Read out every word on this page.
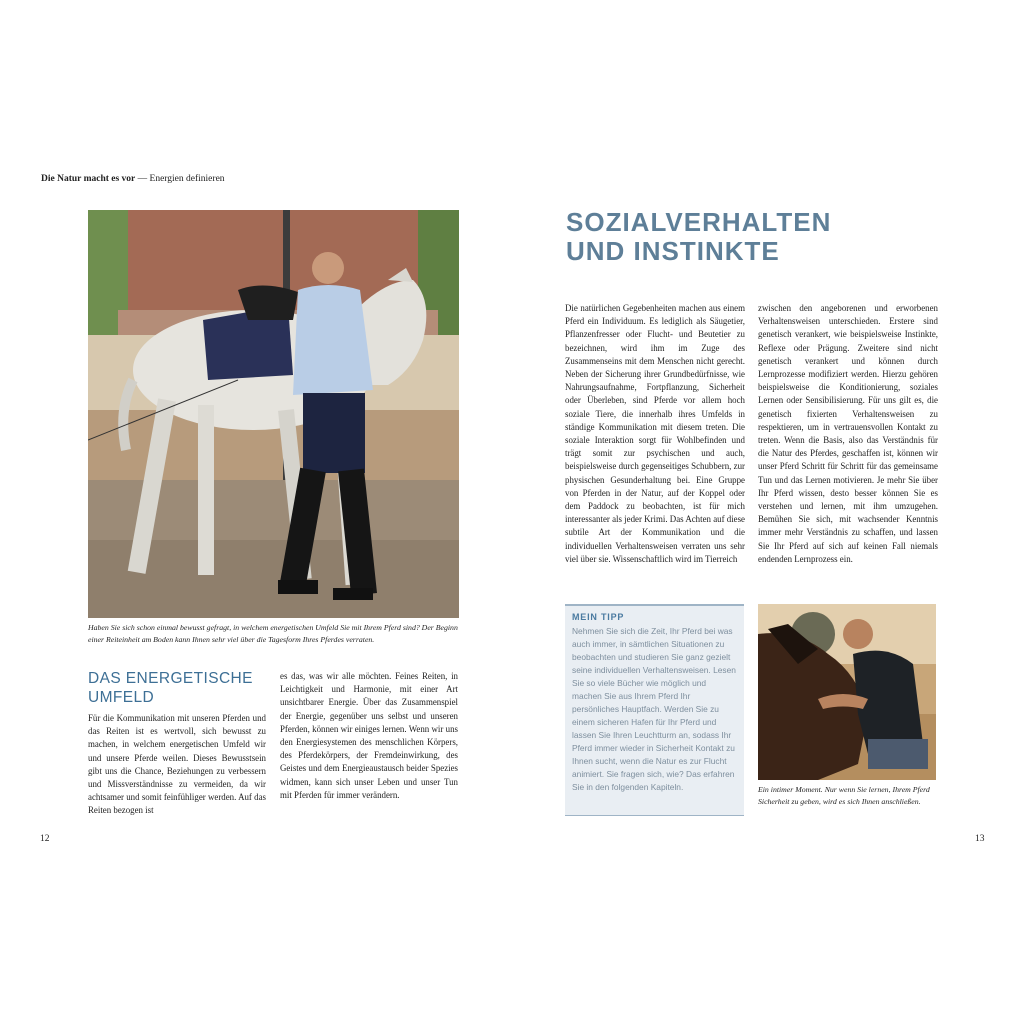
Die Natur macht es vor — Energien definieren
Haben Sie sich schon einmal bewusst gefragt, in welchem energetischen Umfeld Sie mit Ihrem Pferd sind? Der Beginn einer Reiteinheit am Boden kann Ihnen sehr viel über die Tagesform Ihres Pferdes verraten.
DAS ENERGETISCHE UMFELD
Für die Kommunikation mit unseren Pferden und das Reiten ist es wertvoll, sich bewusst zu machen, in welchem energetischen Umfeld wir und unsere Pferde weilen. Dieses Bewusstsein gibt uns die Chance, Beziehungen zu verbessern und Missverständnisse zu vermeiden, da wir achtsamer und somit feinfühliger werden. Auf das Reiten bezogen ist
es das, was wir alle möchten. Feines Reiten, in Leichtigkeit und Harmonie, mit einer Art unsichtbarer Energie. Über das Zusammenspiel der Energie, gegenüber uns selbst und unseren Pferden, können wir einiges lernen. Wenn wir uns den Energiesystemen des menschlichen Körpers, des Pferdekörpers, der Fremdeinwirkung, des Geistes und dem Energieaustausch beider Spezies widmen, kann sich unser Leben und unser Tun mit Pferden für immer verändern.
12
SOZIALVERHALTEN
UND INSTINKTE
Die natürlichen Gegebenheiten machen aus einem Pferd ein Individuum. Es lediglich als Säugetier, Pflanzenfresser oder Flucht- und Beutetier zu bezeichnen, wird ihm im Zuge des Zusammenseins mit dem Menschen nicht gerecht. Neben der Sicherung ihrer Grundbedürfnisse, wie Nahrungsaufnahme, Fortpflanzung, Sicherheit oder Überleben, sind Pferde vor allem hoch soziale Tiere, die innerhalb ihres Umfelds in ständige Kommunikation mit diesem treten. Die soziale Interaktion sorgt für Wohlbefinden und trägt somit zur psychischen und auch, beispielsweise durch gegenseitiges Schubbern, zur physischen Gesunderhaltung bei. Eine Gruppe von Pferden in der Natur, auf der Koppel oder dem Paddock zu beobachten, ist für mich interessanter als jeder Krimi. Das Achten auf diese subtile Art der Kommunikation und die individuellen Verhaltensweisen verraten uns sehr viel über sie. Wissenschaftlich wird im Tierreich
zwischen den angeborenen und erworbenen Verhaltensweisen unterschieden. Erstere sind genetisch verankert, wie beispielsweise Instinkte, Reflexe oder Prägung. Zweitere sind nicht genetisch verankert und können durch Lernprozesse modifiziert werden. Hierzu gehören beispielsweise die Konditionierung, soziales Lernen oder Sensibilisierung. Für uns gilt es, die genetisch fixierten Verhaltensweisen zu respektieren, um in vertrauensvollen Kontakt zu treten. Wenn die Basis, also das Verständnis für die Natur des Pferdes, geschaffen ist, können wir unser Pferd Schritt für Schritt für das gemeinsame Tun und das Lernen motivieren. Je mehr Sie über Ihr Pferd wissen, desto besser können Sie es verstehen und lernen, mit ihm umzugehen. Bemühen Sie sich, mit wachsender Kenntnis immer mehr Verständnis zu schaffen, und lassen Sie Ihr Pferd auf sich auf keinen Fall niemals endenden Lernprozess ein.
MEIN TIPP
Nehmen Sie sich die Zeit, Ihr Pferd bei was auch immer, in sämtlichen Situationen zu beobachten und studieren Sie ganz gezielt seine individuellen Verhaltensweisen. Lesen Sie so viele Bücher wie möglich und machen Sie aus Ihrem Pferd Ihr persönliches Hauptfach. Werden Sie zu einem sicheren Hafen für Ihr Pferd und lassen Sie Ihren Leuchtturm an, sodass Ihr Pferd immer wieder in Sicherheit Kontakt zu Ihnen sucht, wenn die Natur es zur Flucht animiert. Sie fragen sich, wie? Das erfahren Sie in den folgenden Kapiteln.	Ein intimer Moment. Nur wenn Sie lernen, Ihrem Pferd Sicherheit zu geben, wird es sich Ihnen anschließen.
13
